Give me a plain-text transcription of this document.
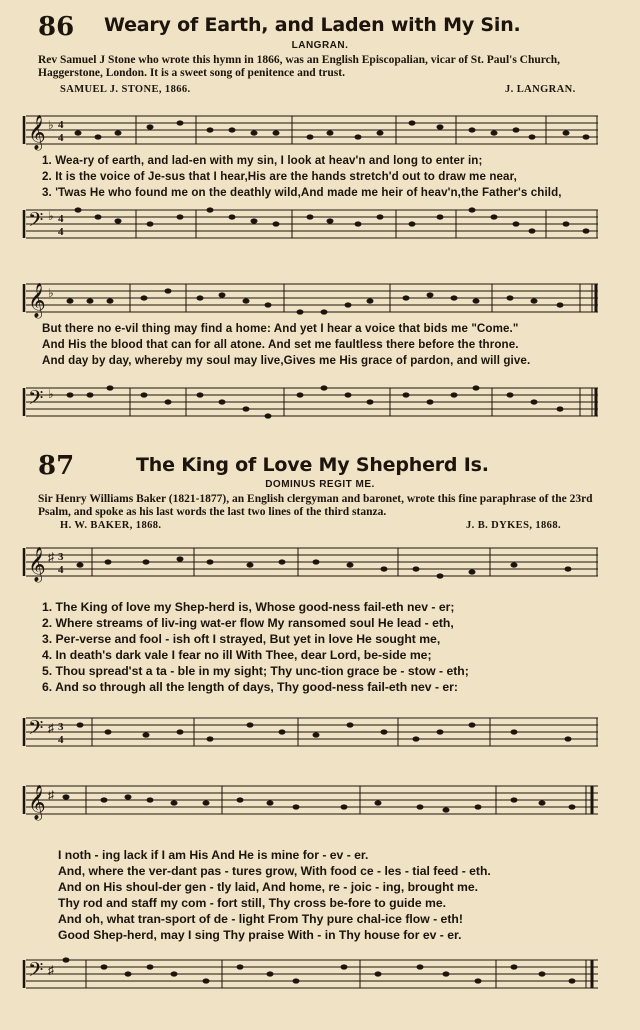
86 Weary of Earth, and Laden with My Sin.
LANGRAN.
Rev Samuel J Stone who wrote this hymn in 1866, was an English Episcopalian, vicar of St. Paul's Church, Haggerstone, London. It is a sweet song of penitence and trust.
SAMUEL J. STONE, 1866.	J. LANGRAN.
𝄞 ♭ 4
4
1. Wea-ry of earth, and lad-en with my sin, I look at heav'n and long to enter in;
2. It is the voice of Je-sus that I hear,His are the hands stretch'd out to draw me near,
3. 'Twas He who found me on the deathly wild,And made me heir of heav'n,the Father's child,
𝄢 ♭ 4
4
𝄞 ♭
But there no e-vil thing may find a home: And yet I hear a voice that bids me "Come."
And His the blood that can for all atone. And set me faultless there before the throne.
And day by day, whereby my soul may live,Gives me His grace of pardon, and will give.
𝄢 ♭
87	The King of Love My Shepherd Is.
DOMINUS REGIT ME.
Sir Henry Williams Baker (1821-1877), an English clergyman and baronet, wrote this fine paraphrase of the 23rd Psalm, and spoke as his last words the last two lines of the third stanza.
H. W. BAKER, 1868.	J. B. DYKES, 1868.
𝄞 ♯ 3
4
1. The King of love my Shep-herd is, Whose good-ness fail-eth nev - er;
2. Where streams of liv-ing wat-er flow My ransomed soul He lead - eth,
3. Per-verse and fool - ish oft I strayed, But yet in love He sought me,
4. In death's dark vale I fear no ill With Thee, dear Lord, be-side me;
5. Thou spread'st a ta - ble in my sight; Thy unc-tion grace be - stow - eth;
6. And so through all the length of days, Thy good-ness fail-eth nev - er:
𝄢 ♯ 3
4
𝄞 ♯
I noth - ing lack if I am His And He is mine for - ev - er.
And, where the ver-dant pas - tures grow, With food ce - les - tial feed - eth.
And on His shoul-der gen - tly laid, And home, re - joic - ing, brought me.
Thy rod and staff my com - fort still, Thy cross be-fore to guide me.
And oh, what tran-sport of de - light From Thy pure chal-ice flow - eth!
Good Shep-herd, may I sing Thy praise With - in Thy house for ev - er.
𝄢 ♯
